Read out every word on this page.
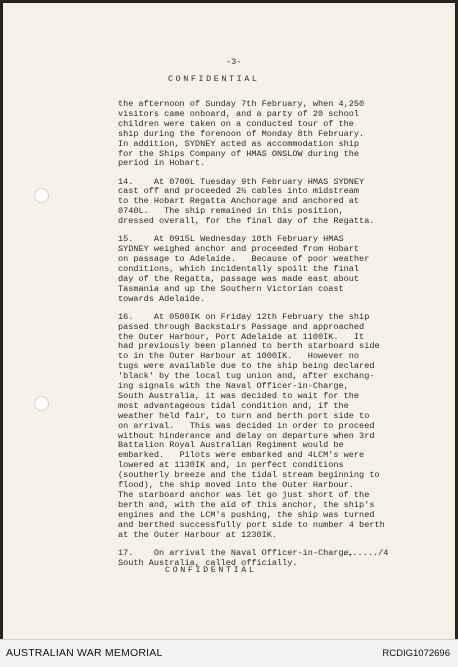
-3-
CONFIDENTIAL
the afternoon of Sunday 7th February, when 4,250
visitors came onboard, and a party of 20 school
children were taken on a conducted tour of the
ship during the forenoon of Monday 8th February.
In addition, SYDNEY acted as accommodation ship
for the Ships Company of HMAS ONSLOW during the
period in Hobart.
14.    At 0700L Tuesday 9th February HMAS SYDNEY
cast off and proceeded 2½ cables into midstream
to the Hobart Regatta Anchorage and anchored at
0740L.   The ship remained in this position,
dressed overall, for the final day of the Regatta.
15.    At 0915L Wednesday 10th February HMAS
SYDNEY weighed anchor and proceeded from Hobart
on passage to Adelaide.   Because of poor weather
conditions, which incidentally spoilt the final
day of the Regatta, passage was made east about
Tasmania and up the Southern Victorian coast
towards Adelaide.
16.    At 0500IK on Friday 12th February the ship
passed through Backstairs Passage and approached
the Outer Harbour, Port Adelaide at 1100IK.   It
had previously been planned to berth starboard side
to in the Outer Harbour at 1000IK.   However no
tugs were available due to the ship being declared
'black' by the local tug union and, after exchang-
ing signals with the Naval Officer-in-Charge,
South Australia, it was decided to wait for the
most advantageous tidal condition and, if the
weather held fair, to turn and berth port side to
on arrival.   This was decided in order to proceed
without hinderance and delay on departure when 3rd
Battalion Royal Australian Regiment would be
embarked.   Pilots were embarked and 4LCM's were
lowered at 1130IK and, in perfect conditions
(southerly breeze and the tidal stream beginning to
flood), the ship moved into the Outer Harbour.
The starboard anchor was let go just short of the
berth and, with the aid of this anchor, the ship's
engines and the LCM's pushing, the ship was turned
and berthed successfully port side to number 4 berth
at the Outer Harbour at 1230IK.
17.    On arrival the Naval Officer-in-Charge,
South Australia, called officially.
......./4
CONFIDENTIAL
AUSTRALIAN WAR MEMORIAL	RCDIG1072696
